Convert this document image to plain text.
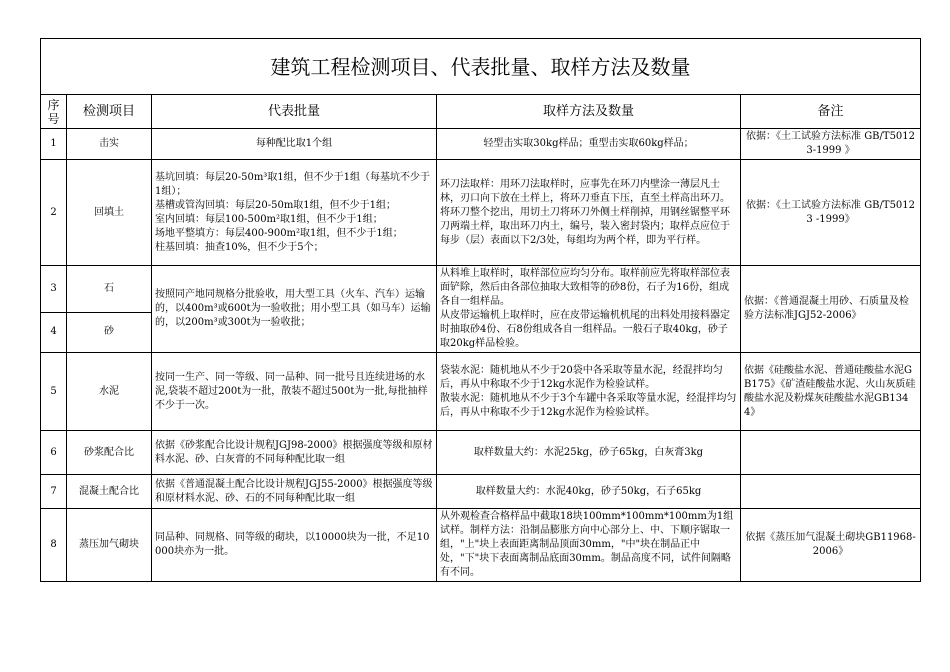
建筑工程检测项目、代表批量、取样方法及数量				
序号	检测项目	代表批量	取样方法及数量	备注
1	击实	每种配比取1个组	轻型击实取30kg样品；重型击实取60kg样品；	依据：《土工试验方法标准 GB/T50123-1999 》
2	回填土	基坑回填：每层20-50m³取1组，但不少于1组（每基坑不少于1组）；
基槽或管沟回填：每层20-50m取1组，但不少于1组；
室内回填：每层100-500m²取1组，但不少于1组；
场地平整填方：每层400-900m²取1组，但不少于1组；
柱基回填：抽查10%，但不少于5个；	环刀法取样：用环刀法取样时，应事先在环刀内壁涂一薄层凡士林，刃口向下放在土样上，将环刀垂直下压，直至土样高出环刀。将环刀整个挖出，用切土刀将环刀外侧土样削掉，用钢丝锯整平环刀两端土样，取出环刀内土，编号，装入密封袋内；取样点应位于每步（层）表面以下2/3处，每组均为两个样，即为平行样。	依据：《土工试验方法标准 GB/T50123 -1999》
3	石	按照同产地同规格分批验收，用大型工具（火车、汽车）运输的，以400m³或600t为一验收批；用小型工具（如马车）运输的，以200m³或300t为一验收批；	从料堆上取样时，取样部位应均匀分布。取样前应先将取样部位表面铲除，然后由各部位抽取大致相等的砂8份，石子为16份，组成各自一组样品。
从皮带运输机上取样时，应在皮带运输机机尾的出料处用接料器定时抽取砂4份、石8份组成各自一组样品。一般石子取40kg，砂子取20kg样品检验。	依据：《普通混凝土用砂、石质量及检验方法标准JGJ52-2006》
4	砂			
5	水泥	按同一生产、同一等级、同一品种、同一批号且连续进场的水泥,袋装不超过200t为一批，散装不超过500t为一批,每批抽样不少于一次。	袋装水泥：随机地从不少于20袋中各采取等量水泥，经混拌均匀后，再从中称取不少于12kg水泥作为检验试样。
散装水泥：随机地从不少于3个车罐中各采取等量水泥，经混拌均匀后，再从中称取不少于12kg水泥作为检验试样。	依据《硅酸盐水泥、普通硅酸盐水泥GB175》《矿渣硅酸盐水泥、火山灰质硅酸盐水泥及粉煤灰硅酸盐水泥GB1344》
6	砂浆配合比	依据《砂浆配合比设计规程JGJ98-2000》根据强度等级和原材料水泥、砂、白灰膏的不同每种配比取一组	取样数量大约：水泥25kg，砂子65kg，白灰膏3kg	
7	混凝土配合比	依据《普通混凝土配合比设计规程JGJ55-2000》根据强度等级和原材料水泥、砂、石的不同每种配比取一组	取样数量大约：水泥40kg，砂子50kg，石子65kg	
8	蒸压加气砌块	同品种、同规格、同等级的砌块，以10000块为一批，不足10000块亦为一批。	从外观检查合格样品中截取18块100mm*100mm*100mm为1组试样。制样方法：沿制品膨胀方向中心部分上、中、下顺序锯取一组，"上"块上表面距离制品顶面30mm，"中"块在制品正中处，"下"块下表面离制品底面30mm。制品高度不同，试件间隔略有不同。	依据《蒸压加气混凝土砌块GB11968-2006》
